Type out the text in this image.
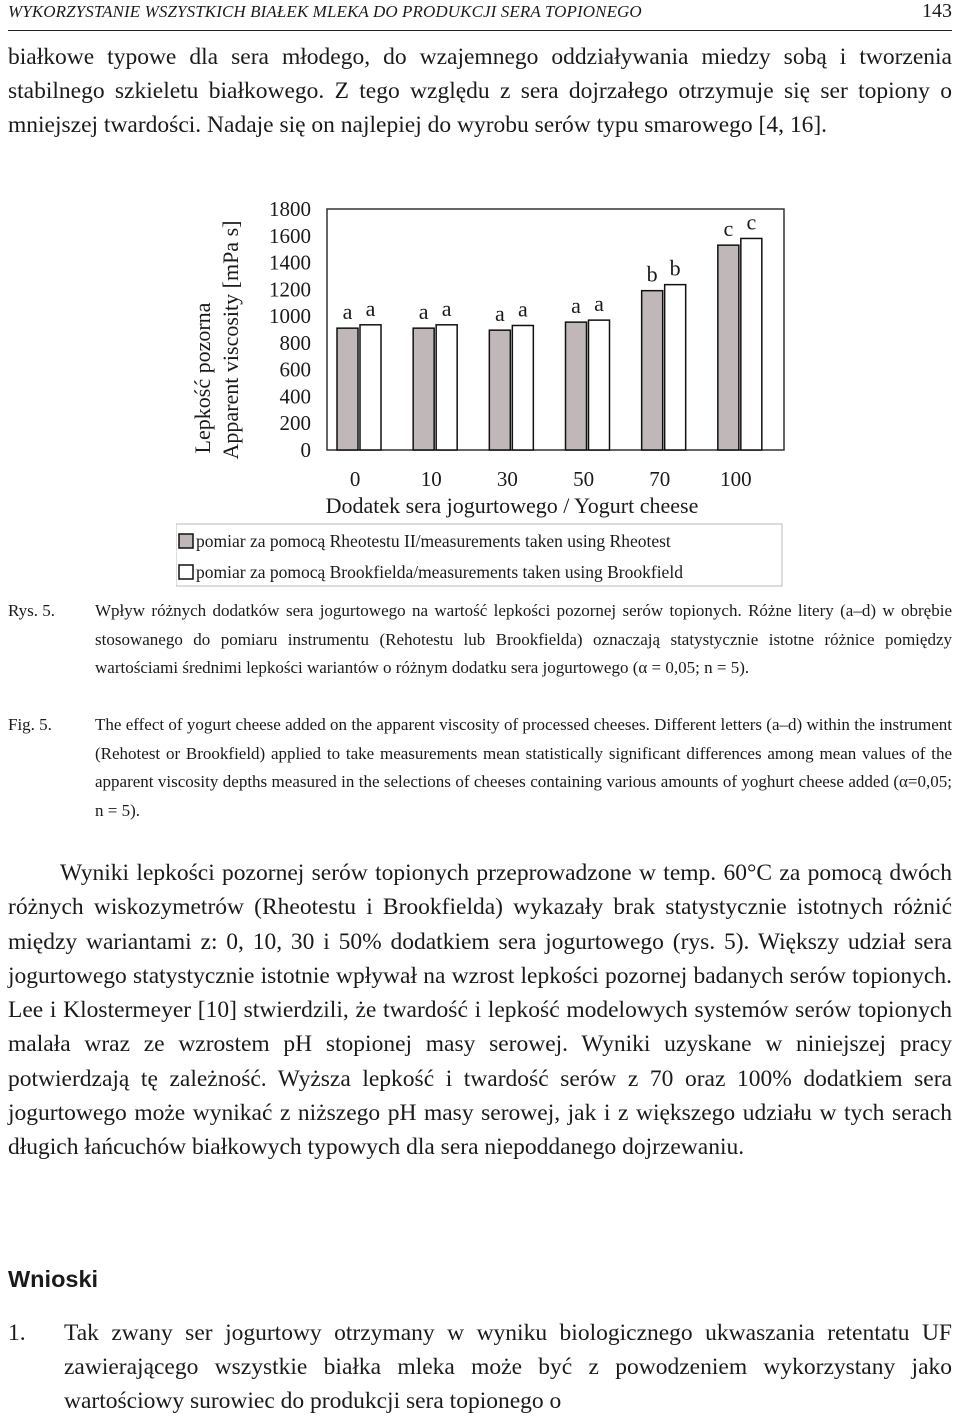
WYKORZYSTANIE WSZYSTKICH BIAŁEK MLEKA DO PRODUKCJI SERA TOPIONEGO	143

białkowe typowe dla sera młodego, do wzajemnego oddziaływania miedzy sobą i tworzenia stabilnego szkieletu białkowego. Z tego względu z sera dojrzałego otrzymuje się ser topiony o mniejszej twardości. Nadaje się on najlepiej do wyrobu serów typu smarowego [4, 16].

1800
1600
1400
1200
1000
800
600
400
200
0
Lepkość pozorna Apparent viscosity [mPa s]	a a
0
a a
10
a a
30
a a
50
b b
70
c c
100
Dodatek sera jogurtowego / Yogurt cheese
pomiar za pomocą Rheotestu II/measurements taken using Rheotest
pomiar za pomocą Brookfielda/measurements taken using Brookfield
Rys. 5. Wpływ różnych dodatków sera jogurtowego na wartość lepkości pozornej serów topionych. Różne litery (a–d) w obrębie stosowanego do pomiaru instrumentu (Rehotestu lub Brookfielda) oznaczają statystycznie istotne różnice pomiędzy wartościami średnimi lepkości wariantów o różnym dodatku sera jogurtowego (α = 0,05; n = 5).

Fig. 5.	The effect of yogurt cheese added on the apparent viscosity of processed cheeses. Different letters (a–d) within the instrument (Rehotest or Brookfield) applied to take measurements mean statistically significant differences among mean values of the apparent viscosity depths measured in the selections of cheeses containing various amounts of yoghurt cheese added (α=0,05; n = 5).

Wyniki lepkości pozornej serów topionych przeprowadzone w temp. 60°C za pomocą dwóch różnych wiskozymetrów (Rheotestu i Brookfielda) wykazały brak statystycznie istotnych różnić między wariantami z: 0, 10, 30 i 50% dodatkiem sera jogurtowego (rys. 5). Większy udział sera jogurtowego statystycznie istotnie wpływał na wzrost lepkości pozornej badanych serów topionych. Lee i Klostermeyer [10] stwierdzili, że twardość i lepkość modelowych systemów serów topionych malała wraz ze wzrostem pH stopionej masy serowej. Wyniki uzyskane w niniejszej pracy potwierdzają tę zależność. Wyższa lepkość i twardość serów z 70 oraz 100% dodatkiem sera jogurtowego może wynikać z niższego pH masy serowej, jak i z większego udziału w tych serach długich łańcuchów białkowych typowych dla sera niepoddanego dojrzewaniu.

Wnioski
1. Tak zwany ser jogurtowy otrzymany w wyniku biologicznego ukwaszania retentatu UF zawierającego wszystkie białka mleka może być z powodzeniem wykorzystany jako wartościowy surowiec do produkcji sera topionego o
